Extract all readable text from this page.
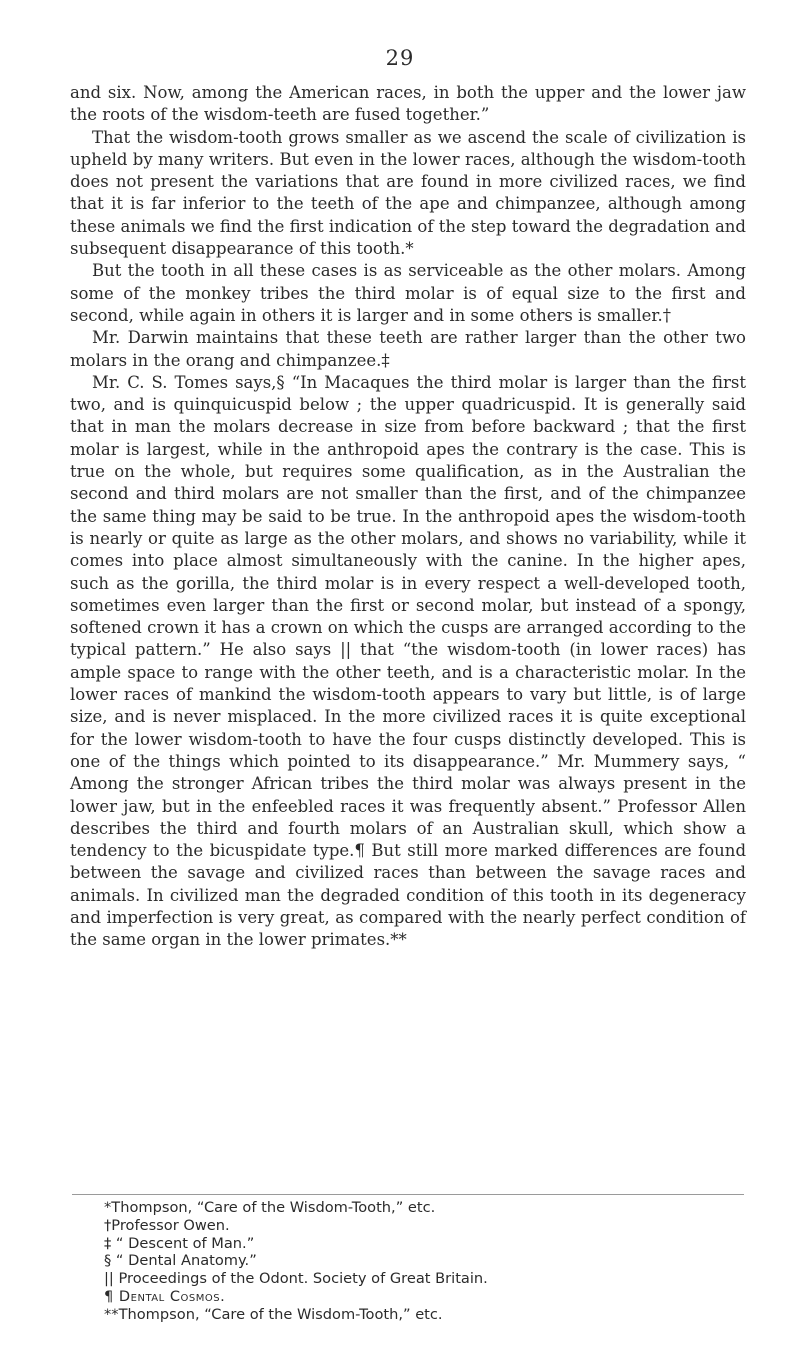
29

and six. Now, among the American races, in both the upper and the lower jaw the roots of the wisdom-teeth are fused together.”

That the wisdom-tooth grows smaller as we ascend the scale of civilization is upheld by many writers. But even in the lower races, although the wisdom-tooth does not present the variations that are found in more civilized races, we find that it is far inferior to the teeth of the ape and chimpanzee, although among these animals we find the first indication of the step toward the degradation and subsequent disappearance of this tooth.*

But the tooth in all these cases is as serviceable as the other molars. Among some of the monkey tribes the third molar is of equal size to the first and second, while again in others it is larger and in some others is smaller.†

Mr. Darwin maintains that these teeth are rather larger than the other two molars in the orang and chimpanzee.‡

Mr. C. S. Tomes says,§ “In Macaques the third molar is larger than the first two, and is quinquicuspid below ; the upper quadricuspid. It is generally said that in man the molars decrease in size from before backward ; that the first molar is largest, while in the anthropoid apes the contrary is the case. This is true on the whole, but requires some qualification, as in the Australian the second and third molars are not smaller than the first, and of the chimpanzee the same thing may be said to be true. In the anthropoid apes the wisdom-tooth is nearly or quite as large as the other molars, and shows no variability, while it comes into place almost simultaneously with the canine. In the higher apes, such as the gorilla, the third molar is in every respect a well-developed tooth, sometimes even larger than the first or second molar, but instead of a spongy, softened crown it has a crown on which the cusps are arranged according to the typical pattern.” He also says || that “the wisdom-tooth (in lower races) has ample space to range with the other teeth, and is a characteristic molar. In the lower races of mankind the wisdom-tooth appears to vary but little, is of large size, and is never misplaced. In the more civilized races it is quite exceptional for the lower wisdom-tooth to have the four cusps distinctly developed. This is one of the things which pointed to its disappearance.” Mr. Mummery says, “ Among the stronger African tribes the third molar was always present in the lower jaw, but in the enfeebled races it was frequently absent.” Professor Allen describes the third and fourth molars of an Australian skull, which show a tendency to the bicuspidate type.¶ But still more marked differences are found between the savage and civilized races than between the savage races and animals. In civilized man the degraded condition of this tooth in its degeneracy and imperfection is very great, as compared with the nearly perfect condition of the same organ in the lower primates.**

*Thompson, “Care of the Wisdom-Tooth,” etc.
†Professor Owen.
‡ “ Descent of Man.”
§ “ Dental Anatomy.”
|| Proceedings of the Odont. Society of Great Britain.
¶ Dental Cosmos.
**Thompson, “Care of the Wisdom-Tooth,” etc.
